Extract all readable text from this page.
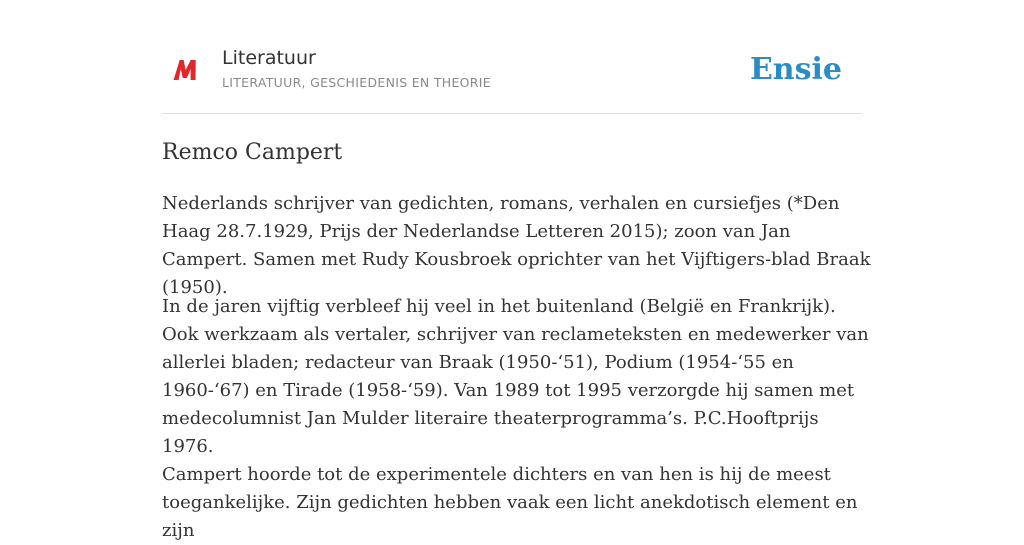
Literatuur
LITERATUUR, GESCHIEDENIS EN THEORIE	Ensie
Remco Campert

Nederlands schrijver van gedichten, romans, verhalen en cursiefjes (*Den Haag 28.7.1929, Prijs der Nederlandse Letteren 2015); zoon van Jan Campert. Samen met Rudy Kousbroek oprichter van het Vijftigers-blad Braak (1950).

In de jaren vijftig verbleef hij veel in het buitenland (België en Frankrijk). Ook werkzaam als vertaler, schrijver van reclameteksten en medewerker van allerlei bladen; redacteur van Braak (1950-‘51), Podium (1954-‘55 en 1960-‘67) en Tirade (1958-‘59). Van 1989 tot 1995 verzorgde hij samen met medecolumnist Jan Mulder literaire theaterprogramma’s. P.C.Hooftprijs 1976.

Campert hoorde tot de experimentele dichters en van hen is hij de meest toegankelijke. Zijn gedichten hebben vaak een licht anekdotisch element en zijn
